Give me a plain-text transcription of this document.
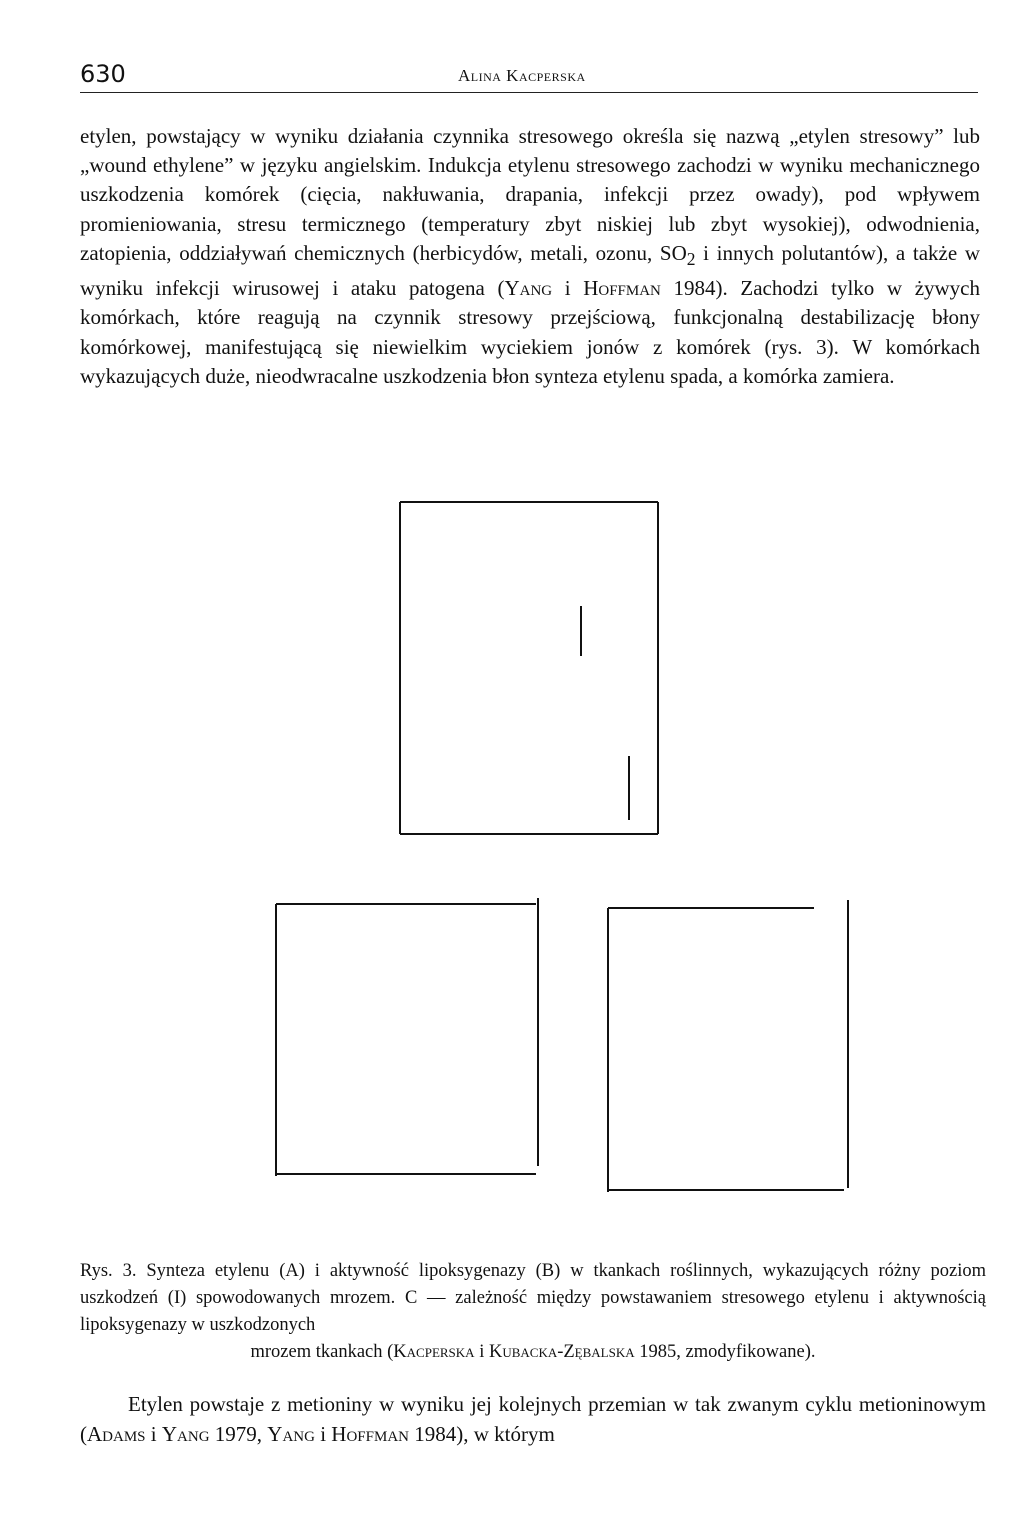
630	Alina Kacperska

etylen, powstający w wyniku działania czynnika stresowego określa się nazwą „etylen stresowy” lub „wound ethylene” w języku angielskim. Indukcja etylenu stresowego zachodzi w wyniku mechanicznego uszkodzenia komórek (cięcia, nakłuwania, drapania, infekcji przez owady), pod wpływem promieniowania, stresu termicznego (temperatury zbyt niskiej lub zbyt wysokiej), odwodnienia, zatopienia, oddziaływań chemicznych (herbicydów, metali, ozonu, $SO_2$ i innych polutantów), a także w wyniku infekcji wirusowej i ataku patogena (Yang i Hoffman 1984). Zachodzi tylko w żywych komórkach, które reagują na czynnik stresowy przejściową, funkcjonalną destabilizację błony komórkowej, manifestującą się niewielkim wyciekiem jonów z komórek (rys. 3). W komórkach wykazujących duże, nieodwracalne uszkodzenia błon synteza etylenu spada, a komórka zamiera.

Rys. 3. Synteza etylenu (A) i aktywność lipoksygenazy (B) w tkankach roślinnych, wykazujących różny poziom uszkodzeń (I) spowodowanych mrozem. C — zależność między powstawaniem stresowego etylenu i aktywnością lipoksygenazy w uszkodzonych
mrozem tkankach (Kacperska i Kubacka-Zębalska 1985, zmodyfikowane).

Etylen powstaje z metioniny w wyniku jej kolejnych przemian w tak zwanym cyklu metioninowym (Adams i Yang 1979, Yang i Hoffman 1984), w którym
